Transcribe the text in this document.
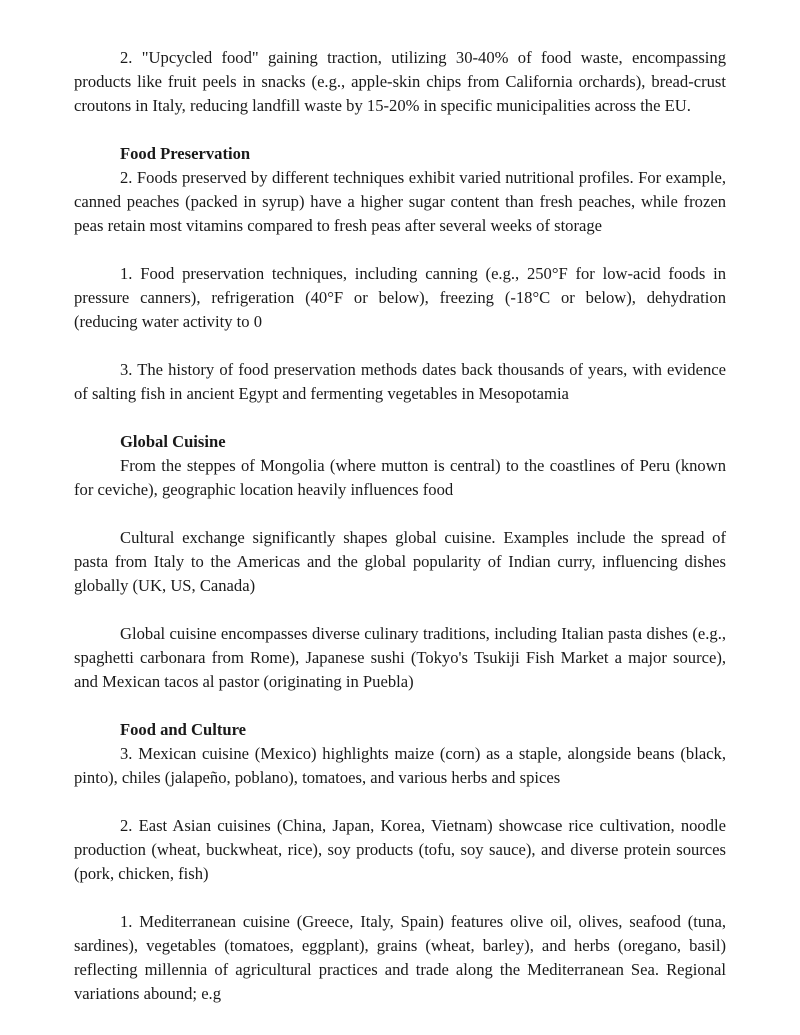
2. "Upcycled food" gaining traction, utilizing 30-40% of food waste, encompassing products like fruit peels in snacks (e.g., apple-skin chips from California orchards), bread-crust croutons in Italy, reducing landfill waste by 15-20% in specific municipalities across the EU.

Food Preservation

2. Foods preserved by different techniques exhibit varied nutritional profiles. For example, canned peaches (packed in syrup) have a higher sugar content than fresh peaches, while frozen peas retain most vitamins compared to fresh peas after several weeks of storage

1. Food preservation techniques, including canning (e.g., 250°F for low-acid foods in pressure canners), refrigeration (40°F or below), freezing (-18°C or below), dehydration (reducing water activity to 0

3. The history of food preservation methods dates back thousands of years, with evidence of salting fish in ancient Egypt and fermenting vegetables in Mesopotamia

Global Cuisine

From the steppes of Mongolia (where mutton is central) to the coastlines of Peru (known for ceviche), geographic location heavily influences food

Cultural exchange significantly shapes global cuisine. Examples include the spread of pasta from Italy to the Americas and the global popularity of Indian curry, influencing dishes globally (UK, US, Canada)

Global cuisine encompasses diverse culinary traditions, including Italian pasta dishes (e.g., spaghetti carbonara from Rome), Japanese sushi (Tokyo's Tsukiji Fish Market a major source), and Mexican tacos al pastor (originating in Puebla)

Food and Culture

3. Mexican cuisine (Mexico) highlights maize (corn) as a staple, alongside beans (black, pinto), chiles (jalapeño, poblano), tomatoes, and various herbs and spices

2. East Asian cuisines (China, Japan, Korea, Vietnam) showcase rice cultivation, noodle production (wheat, buckwheat, rice), soy products (tofu, soy sauce), and diverse protein sources (pork, chicken, fish)

1. Mediterranean cuisine (Greece, Italy, Spain) features olive oil, olives, seafood (tuna, sardines), vegetables (tomatoes, eggplant), grains (wheat, barley), and herbs (oregano, basil) reflecting millennia of agricultural practices and trade along the Mediterranean Sea. Regional variations abound; e.g
